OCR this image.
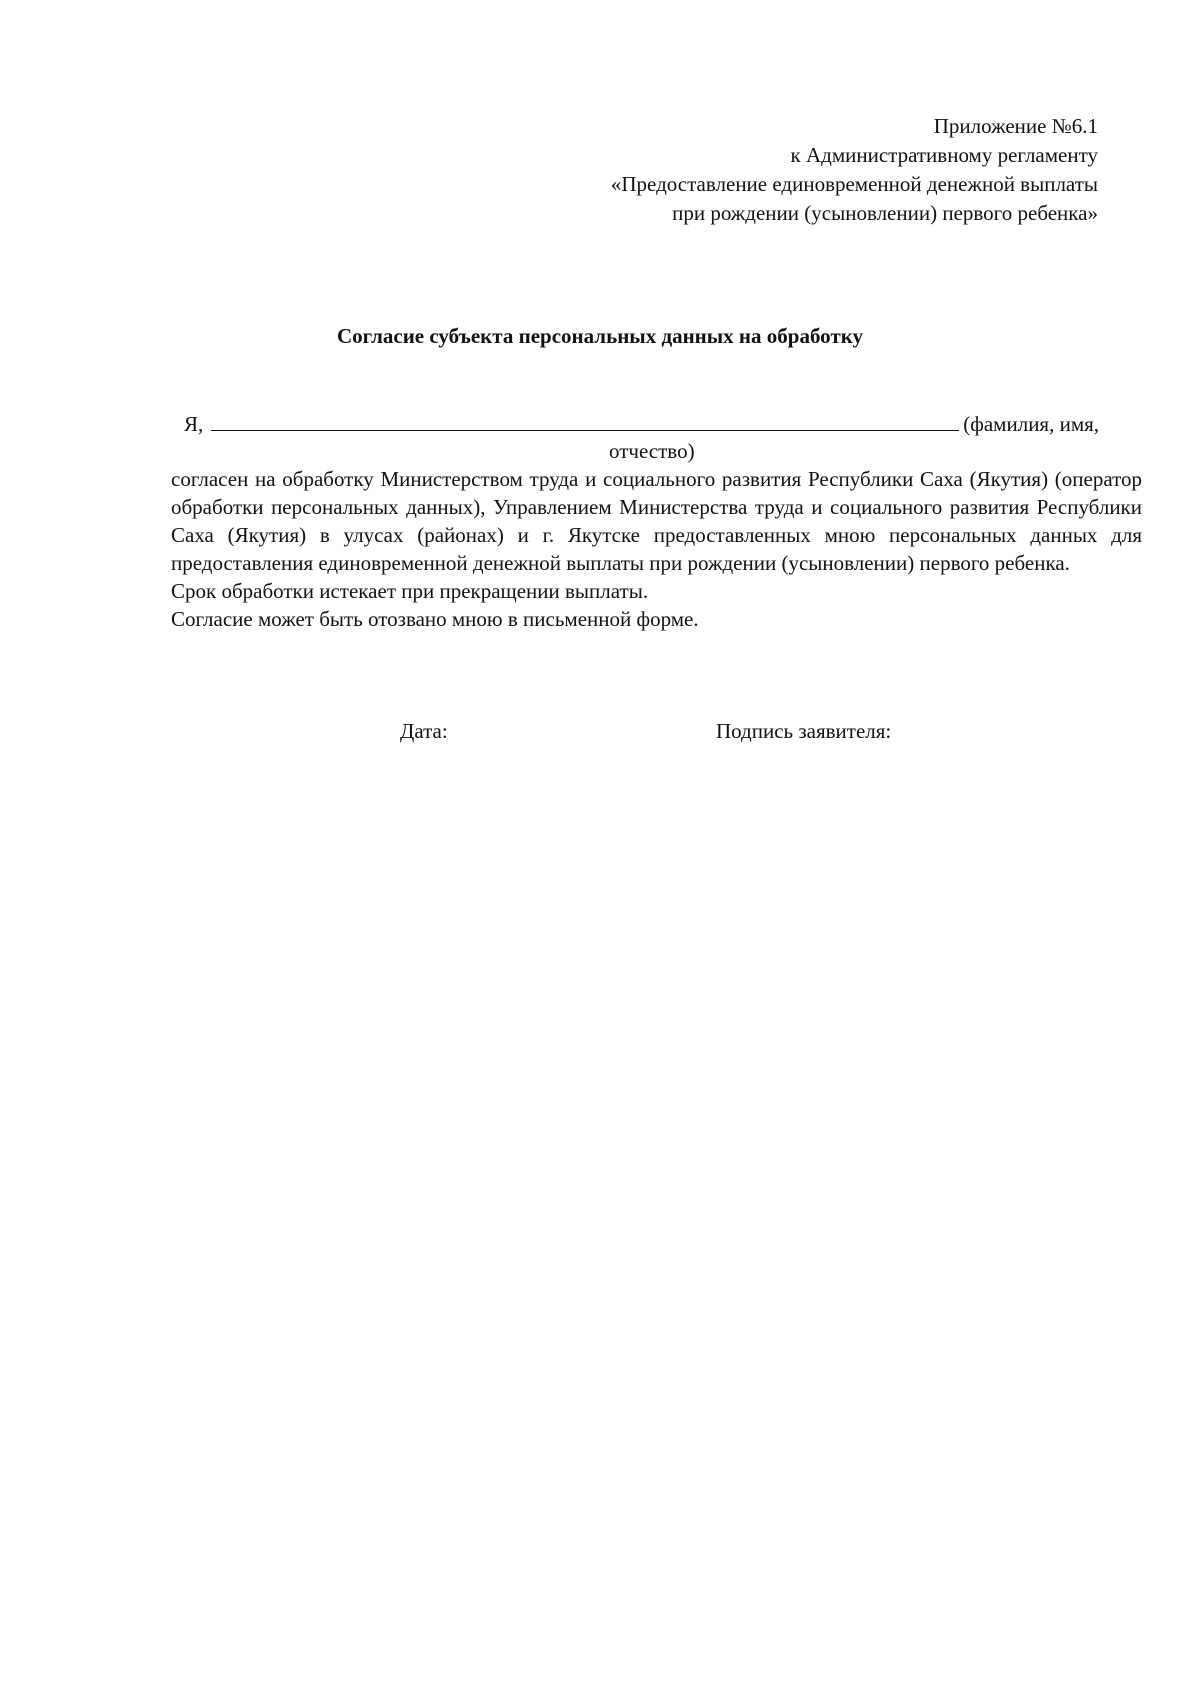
Приложение №6.1
к Административному регламенту
«Предоставление единовременной денежной выплаты
при рождении (усыновлении) первого ребенка»
Согласие субъекта персональных данных на обработку
Я,	(фамилия, имя,
отчество)

согласен на обработку Министерством труда и социального развития Республики Саха (Якутия) (оператор обработки персональных данных), Управлением Министерства труда и социального развития Республики Саха (Якутия) в улусах (районах) и г. Якутске предоставленных мною персональных данных для предоставления единовременной денежной выплаты при рождении (усыновлении) первого ребенка.

Срок обработки истекает при прекращении выплаты.

Согласие может быть отозвано мною в письменной форме.

Дата:	Подпись заявителя:
